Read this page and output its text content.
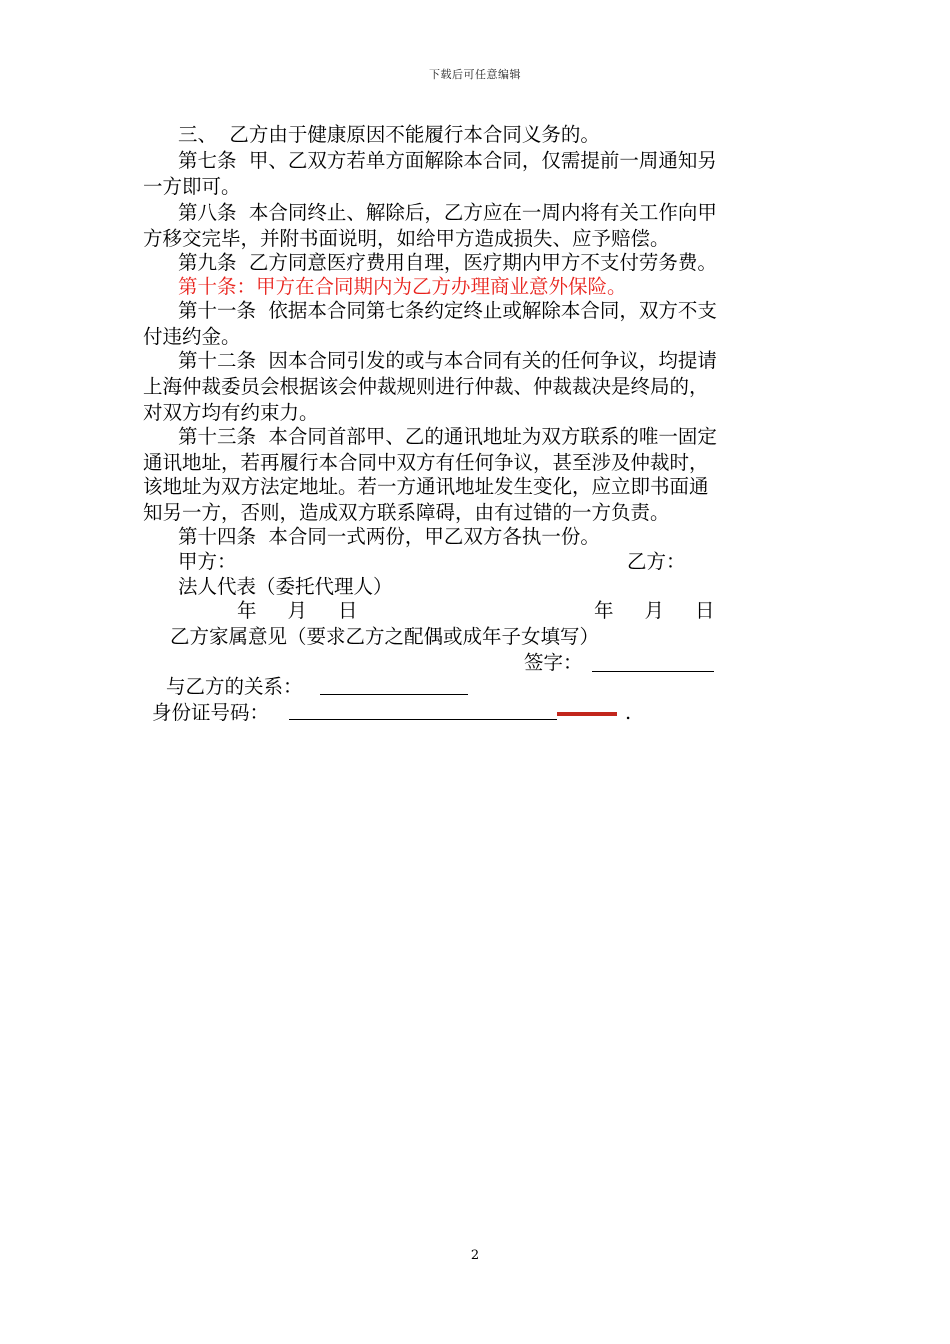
下载后可任意编辑
三、  乙方由于健康原因不能履行本合同义务的。
第七条  甲、乙双方若单方面解除本合同，仅需提前一周通知另
一方即可。
第八条  本合同终止、解除后，乙方应在一周内将有关工作向甲
方移交完毕，并附书面说明，如给甲方造成损失、应予赔偿。
第九条  乙方同意医疗费用自理，医疗期内甲方不支付劳务费。
第十条：甲方在合同期内为乙方办理商业意外保险。
第十一条  依据本合同第七条约定终止或解除本合同，双方不支
付违约金。
第十二条  因本合同引发的或与本合同有关的任何争议，均提请
上海仲裁委员会根据该会仲裁规则进行仲裁、仲裁裁决是终局的，
对双方均有约束力。
第十三条  本合同首部甲、乙的通讯地址为双方联系的唯一固定
通讯地址，若再履行本合同中双方有任何争议，甚至涉及仲裁时，
该地址为双方法定地址。若一方通讯地址发生变化，应立即书面通
知另一方，否则，造成双方联系障碍，由有过错的一方负责。
第十四条  本合同一式两份，甲乙双方各执一份。
甲方：	乙方：
法人代表（委托代理人）
年     月     日	年     月     日
乙方家属意见（要求乙方之配偶或成年子女填写）
签字：
与乙方的关系：
身份证号码：	.
2
